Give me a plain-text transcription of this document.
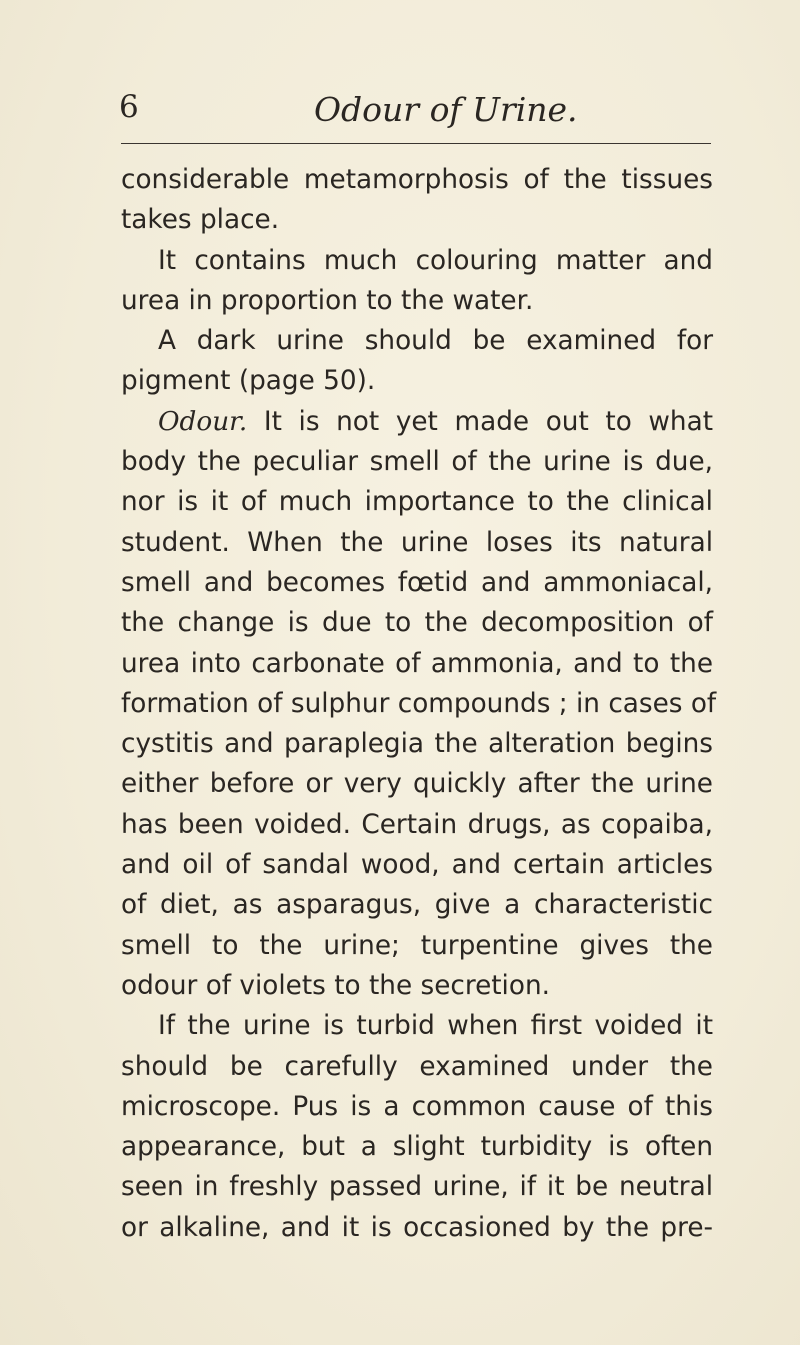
6	Odour of Urine.
considerable metamorphosis of the tissues
takes place.
It contains much colouring matter and
urea in proportion to the water.
A dark urine should be examined for
pigment (page 50).
Odour. It is not yet made out to what
body the peculiar smell of the urine is due,
nor is it of much importance to the clinical
student. When the urine loses its natural
smell and becomes fœtid and ammoniacal,
the change is due to the decomposition of
urea into carbonate of ammonia, and to the
formation of sulphur compounds ; in cases of
cystitis and paraplegia the alteration begins
either before or very quickly after the urine
has been voided. Certain drugs, as copaiba,
and oil of sandal wood, and certain articles
of diet, as asparagus, give a characteristic
smell to the urine; turpentine gives the
odour of violets to the secretion.
If the urine is turbid when first voided it
should be carefully examined under the
microscope. Pus is a common cause of this
appearance, but a slight turbidity is often
seen in freshly passed urine, if it be neutral
or alkaline, and it is occasioned by the pre-
